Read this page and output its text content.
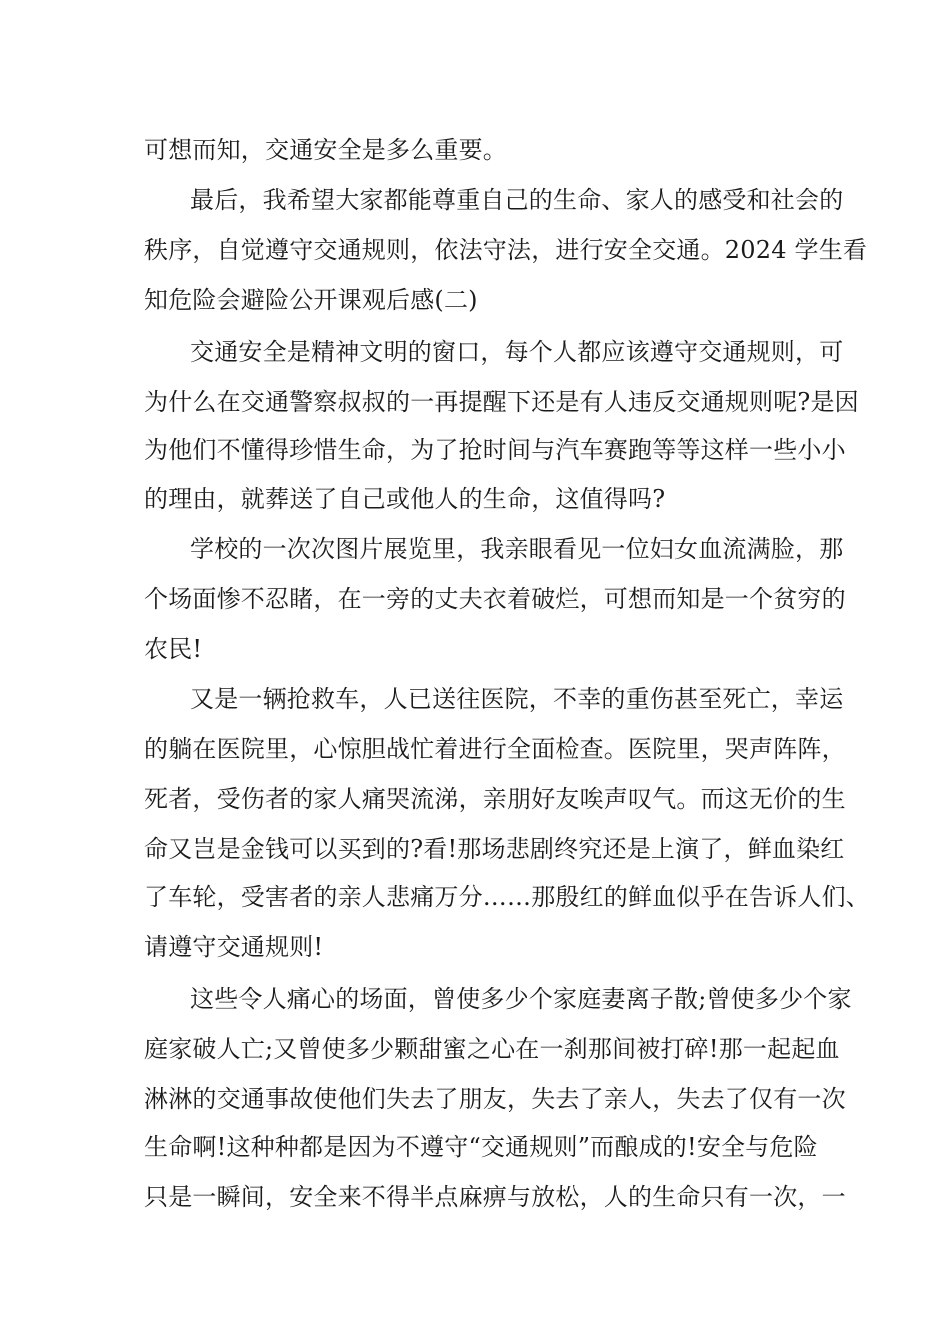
可想而知，交通安全是多么重要。
最后，我希望大家都能尊重自己的生命、家人的感受和社会的
秩序，自觉遵守交通规则，依法守法，进行安全交通。2024 学生看
知危险会避险公开课观后感(二)
交通安全是精神文明的窗口，每个人都应该遵守交通规则，可
为什么在交通警察叔叔的一再提醒下还是有人违反交通规则呢?是因
为他们不懂得珍惜生命，为了抢时间与汽车赛跑等等这样一些小小
的理由，就葬送了自己或他人的生命，这值得吗?
学校的一次次图片展览里，我亲眼看见一位妇女血流满脸，那
个场面惨不忍睹，在一旁的丈夫衣着破烂，可想而知是一个贫穷的
农民!
又是一辆抢救车，人已送往医院，不幸的重伤甚至死亡，幸运
的躺在医院里，心惊胆战忙着进行全面检查。医院里，哭声阵阵，
死者，受伤者的家人痛哭流涕，亲朋好友唉声叹气。而这无价的生
命又岂是金钱可以买到的?看!那场悲剧终究还是上演了，鲜血染红
了车轮，受害者的亲人悲痛万分……那殷红的鲜血似乎在告诉人们、
请遵守交通规则!
这些令人痛心的场面，曾使多少个家庭妻离子散;曾使多少个家
庭家破人亡;又曾使多少颗甜蜜之心在一刹那间被打碎!那一起起血
淋淋的交通事故使他们失去了朋友，失去了亲人，失去了仅有一次
生命啊!这种种都是因为不遵守“交通规则”而酿成的!安全与危险
只是一瞬间，安全来不得半点麻痹与放松，人的生命只有一次，一
